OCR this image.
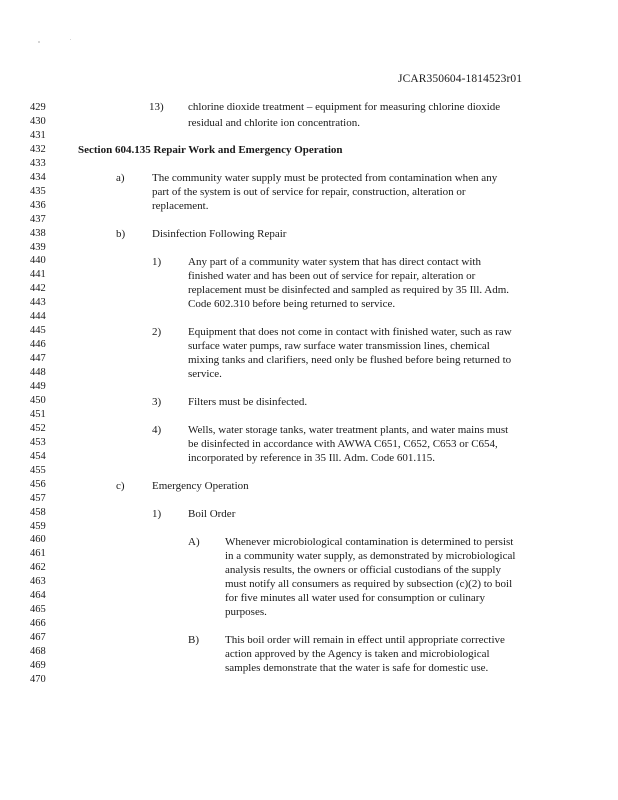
JCAR350604-1814523r01
429
430
431
432
433
434
435
436
437
438
439
440
441
442
443
444
445
446
447
448
449
450
451
452
453
454
455
456
457
458
459
460
461
462
463
464
465
466
467
468
469
470
13) chlorine dioxide treatment – equipment for measuring chlorine dioxide
residual and chlorite ion concentration.
Section 604.135 Repair Work and Emergency Operation
a) The community water supply must be protected from contamination when any
part of the system is out of service for repair, construction, alteration or
replacement.
b) Disinfection Following Repair
1) Any part of a community water system that has direct contact with
finished water and has been out of service for repair, alteration or
replacement must be disinfected and sampled as required by 35 Ill. Adm.
Code 602.310 before being returned to service.
2) Equipment that does not come in contact with finished water, such as raw
surface water pumps, raw surface water transmission lines, chemical
mixing tanks and clarifiers, need only be flushed before being returned to
service.
3) Filters must be disinfected.
4) Wells, water storage tanks, water treatment plants, and water mains must
be disinfected in accordance with AWWA C651, C652, C653 or C654,
incorporated by reference in 35 Ill. Adm. Code 601.115.
c) Emergency Operation
1) Boil Order
A) Whenever microbiological contamination is determined to persist
in a community water supply, as demonstrated by microbiological
analysis results, the owners or official custodians of the supply
must notify all consumers as required by subsection (c)(2) to boil
for five minutes all water used for consumption or culinary
purposes.
B) This boil order will remain in effect until appropriate corrective
action approved by the Agency is taken and microbiological
samples demonstrate that the water is safe for domestic use.
